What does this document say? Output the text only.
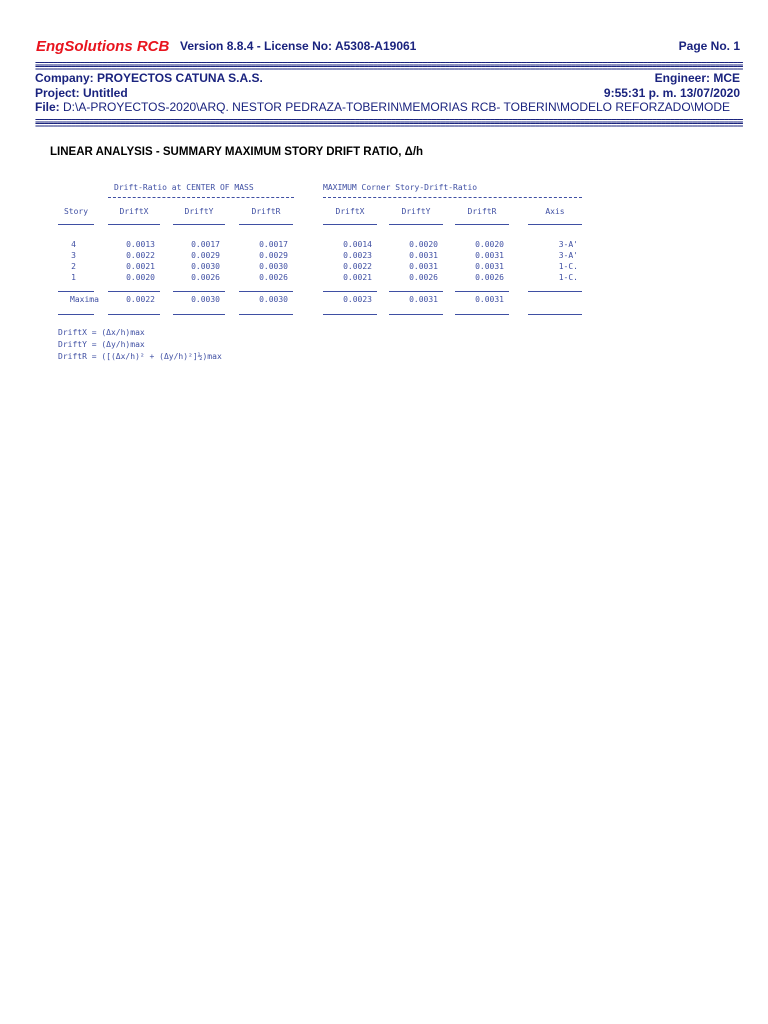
EngSolutions RCB Version 8.8.4 - License No: A5308-A19061	Page No. 1
=====
=====
Company: PROYECTOS CATUNA S.A.S.	Engineer: MCE
Project: Untitled	9:55:31 p. m. 13/07/2020
File: D:\A-PROYECTOS-2020\ARQ. NESTOR PEDRAZA-TOBERIN\MEMORIAS RCB- TOBERIN\MODELO REFORZADO\MODE
=====
=====
LINEAR ANALYSIS - SUMMARY MAXIMUM STORY DRIFT RATIO, Δ/h
Drift-Ratio at CENTER OF MASS	MAXIMUM Corner Story-Drift-Ratio
Story	DriftX	DriftY	DriftR	DriftX	DriftY	DriftR	Axis
4	0.0013	0.0017	0.0017	0.0014	0.0020	0.0020	3-A'
3	0.0022	0.0029	0.0029	0.0023	0.0031	0.0031	3-A'
2	0.0021	0.0030	0.0030	0.0022	0.0031	0.0031	1-C.
1	0.0020	0.0026	0.0026	0.0021	0.0026	0.0026	1-C.
Maxima	0.0022	0.0030	0.0030	0.0023	0.0031	0.0031
DriftX = (Δx/h)max
DriftY = (Δy/h)max
DriftR = ([(Δx/h)² + (Δy/h)²]½)max
